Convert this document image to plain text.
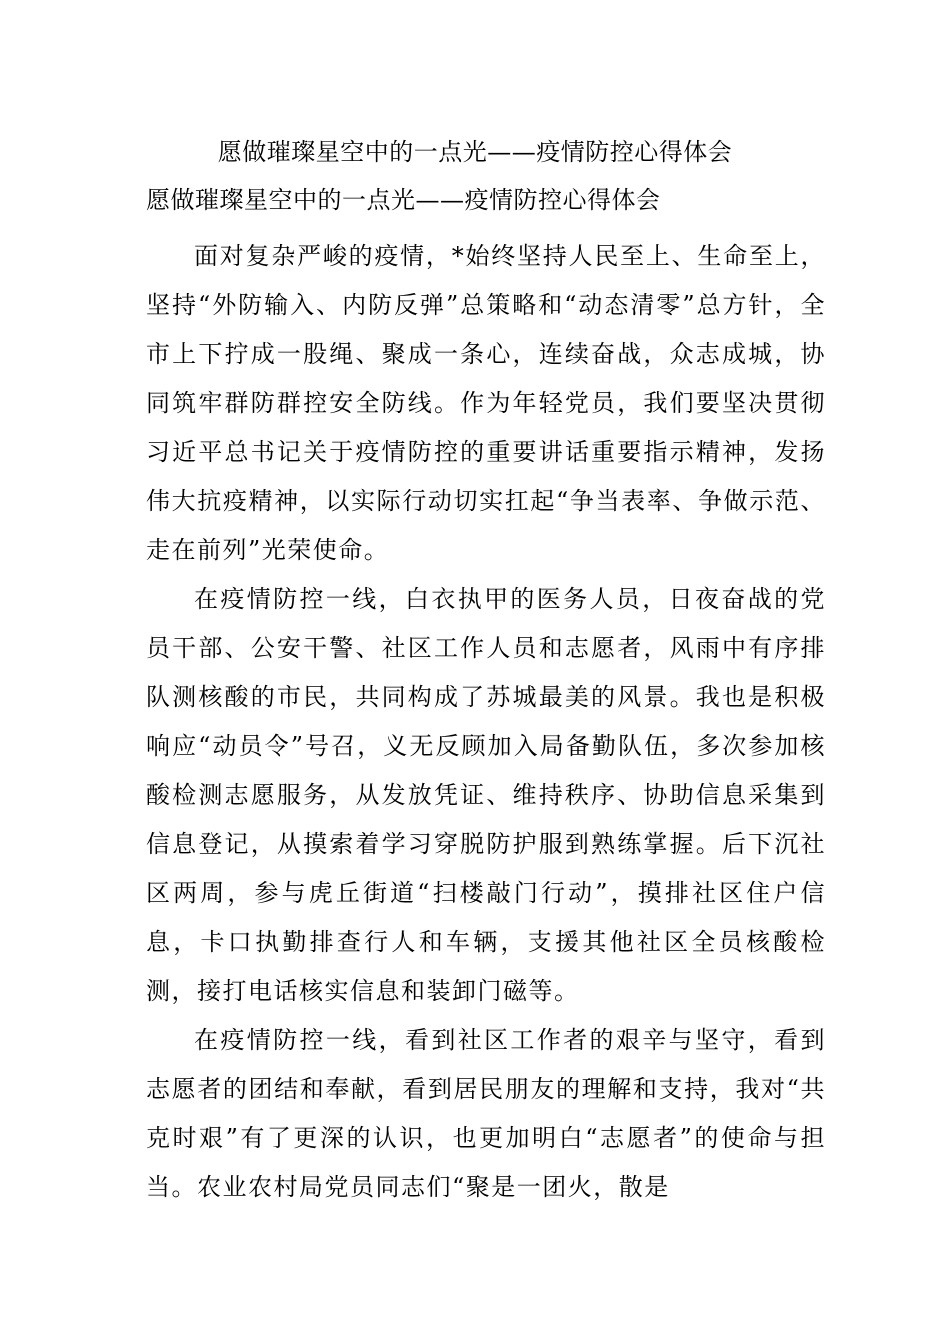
愿做璀璨星空中的一点光——疫情防控心得体会
愿做璀璨星空中的一点光——疫情防控心得体会

面对复杂严峻的疫情，*始终坚持人民至上、生命至上，坚持“外防输入、内防反弹”总策略和“动态清零”总方针，全市上下拧成一股绳、聚成一条心，连续奋战，众志成城，协同筑牢群防群控安全防线。作为年轻党员，我们要坚决贯彻习近平总书记关于疫情防控的重要讲话重要指示精神，发扬伟大抗疫精神，以实际行动切实扛起“争当表率、争做示范、走在前列”光荣使命。

在疫情防控一线，白衣执甲的医务人员，日夜奋战的党员干部、公安干警、社区工作人员和志愿者，风雨中有序排队测核酸的市民，共同构成了苏城最美的风景。我也是积极响应“动员令”号召，义无反顾加入局备勤队伍，多次参加核酸检测志愿服务，从发放凭证、维持秩序、协助信息采集到信息登记，从摸索着学习穿脱防护服到熟练掌握。后下沉社区两周，参与虎丘街道“扫楼敲门行动”，摸排社区住户信息，卡口执勤排查行人和车辆，支援其他社区全员核酸检测，接打电话核实信息和装卸门磁等。

在疫情防控一线，看到社区工作者的艰辛与坚守，看到志愿者的团结和奉献，看到居民朋友的理解和支持，我对“共克时艰”有了更深的认识，也更加明白“志愿者”的使命与担当。农业农村局党员同志们“聚是一团火，散是
